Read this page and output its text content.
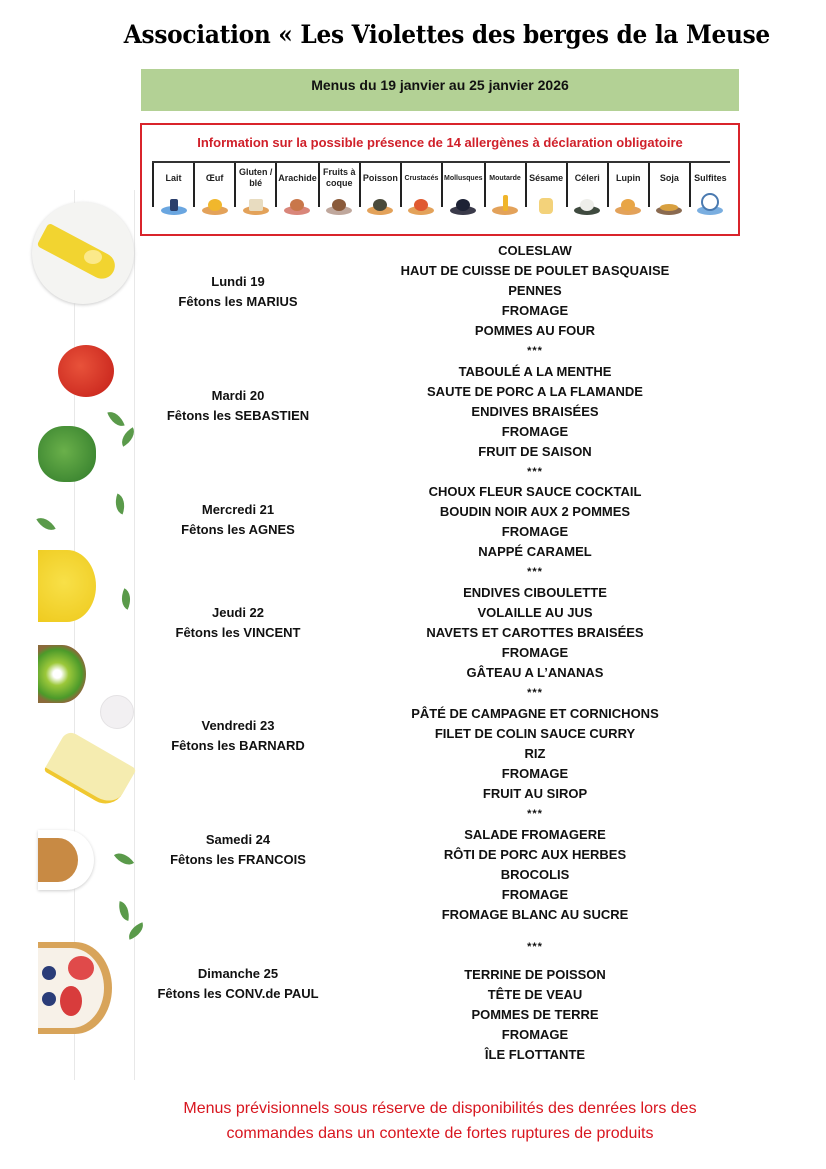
Association « Les Violettes des berges de la Meuse
Menus du 19 janvier au 25 janvier 2026
Information sur la possible présence de 14 allergènes à déclaration obligatoire
Lait	Œuf
Gluten / blé
Arachide
Fruits à coque
Poisson Crustacés Mollusques Moutarde Sésame	Céleri	Lupin	Soja	Sulfites
Lundi 19
Fêtons les MARIUS
COLESLAW
HAUT DE CUISSE DE POULET BASQUAISE
PENNES
FROMAGE
POMMES AU FOUR
***
Mardi 20
Fêtons les SEBASTIEN
TABOULÉ A LA MENTHE
SAUTE DE PORC A LA FLAMANDE
ENDIVES BRAISÉES
FROMAGE
FRUIT DE SAISON
***
Mercredi 21
Fêtons les AGNES
CHOUX FLEUR SAUCE COCKTAIL
BOUDIN NOIR AUX 2 POMMES
FROMAGE
NAPPÉ CARAMEL
***
Jeudi 22
Fêtons les VINCENT
ENDIVES CIBOULETTE
VOLAILLE AU JUS
NAVETS ET CAROTTES BRAISÉES
FROMAGE
GÂTEAU A L’ANANAS
***
Vendredi 23
Fêtons les BARNARD
PÂTÉ DE CAMPAGNE ET CORNICHONS
FILET DE COLIN SAUCE CURRY
RIZ
FROMAGE
FRUIT AU SIROP
***
Samedi 24
Fêtons les FRANCOIS
SALADE FROMAGERE
RÔTI DE PORC AUX HERBES
BROCOLIS
FROMAGE
FROMAGE BLANC AU SUCRE
***
Dimanche 25
Fêtons les CONV.de PAUL
TERRINE DE POISSON
TÊTE DE VEAU
POMMES DE TERRE
FROMAGE
ÎLE FLOTTANTE
Menus prévisionnels sous réserve de disponibilités des denrées lors des
commandes dans un contexte de fortes ruptures de produits
